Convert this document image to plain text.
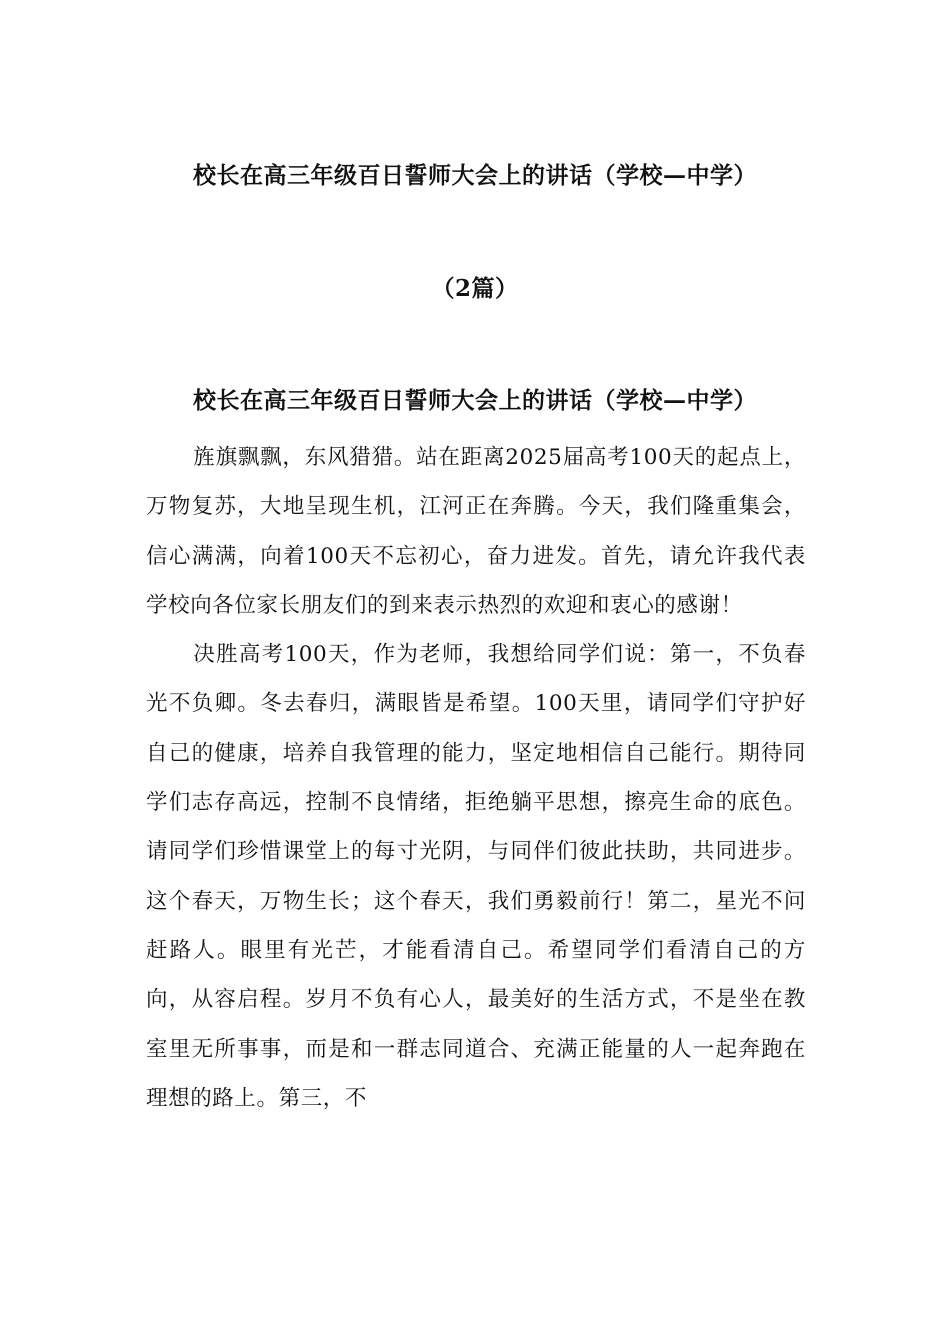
校长在高三年级百日誓师大会上的讲话（学校—中学）
（2篇）
校长在高三年级百日誓师大会上的讲话（学校—中学）

旌旗飘飘，东风猎猎。站在距离2025届高考100天的起点上，万物复苏，大地呈现生机，江河正在奔腾。今天，我们隆重集会，信心满满，向着100天不忘初心，奋力进发。首先，请允许我代表学校向各位家长朋友们的到来表示热烈的欢迎和衷心的感谢！

决胜高考100天，作为老师，我想给同学们说：第一，不负春光不负卿。冬去春归，满眼皆是希望。100天里，请同学们守护好自己的健康，培养自我管理的能力，坚定地相信自己能行。期待同学们志存高远，控制不良情绪，拒绝躺平思想，擦亮生命的底色。请同学们珍惜课堂上的每寸光阴，与同伴们彼此扶助，共同进步。这个春天，万物生长；这个春天，我们勇毅前行！第二，星光不问赶路人。眼里有光芒，才能看清自己。希望同学们看清自己的方向，从容启程。岁月不负有心人，最美好的生活方式，不是坐在教室里无所事事，而是和一群志同道合、充满正能量的人一起奔跑在理想的路上。第三，不
